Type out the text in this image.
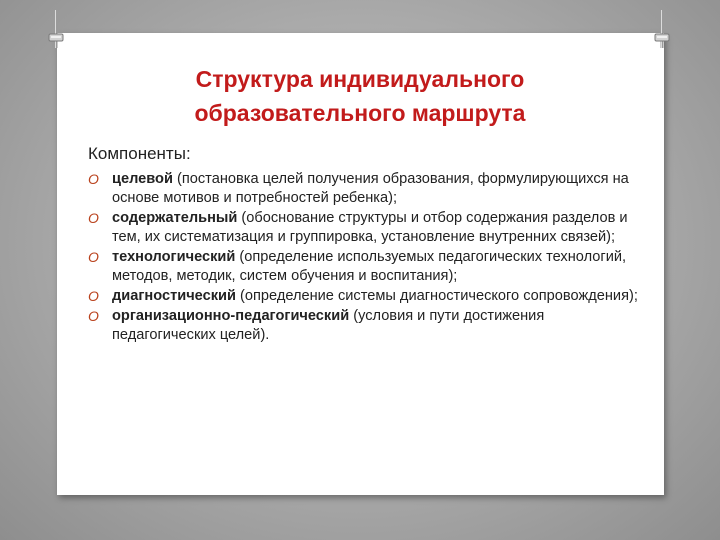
Структура индивидуального
образовательного маршрута
Компоненты:
O целевой (постановка целей получения образования, формулирующихся на основе мотивов и потребностей ребенка);
O содержательный (обоснование структуры и отбор содержания разделов и тем, их систематизация и группировка, установление внутренних связей);
O технологический (определение используемых педагогических технологий, методов, методик, систем обучения и воспитания);
O диагностический (определение системы диагностического сопровождения);
O организационно-педагогический (условия и пути достижения педагогических целей).
